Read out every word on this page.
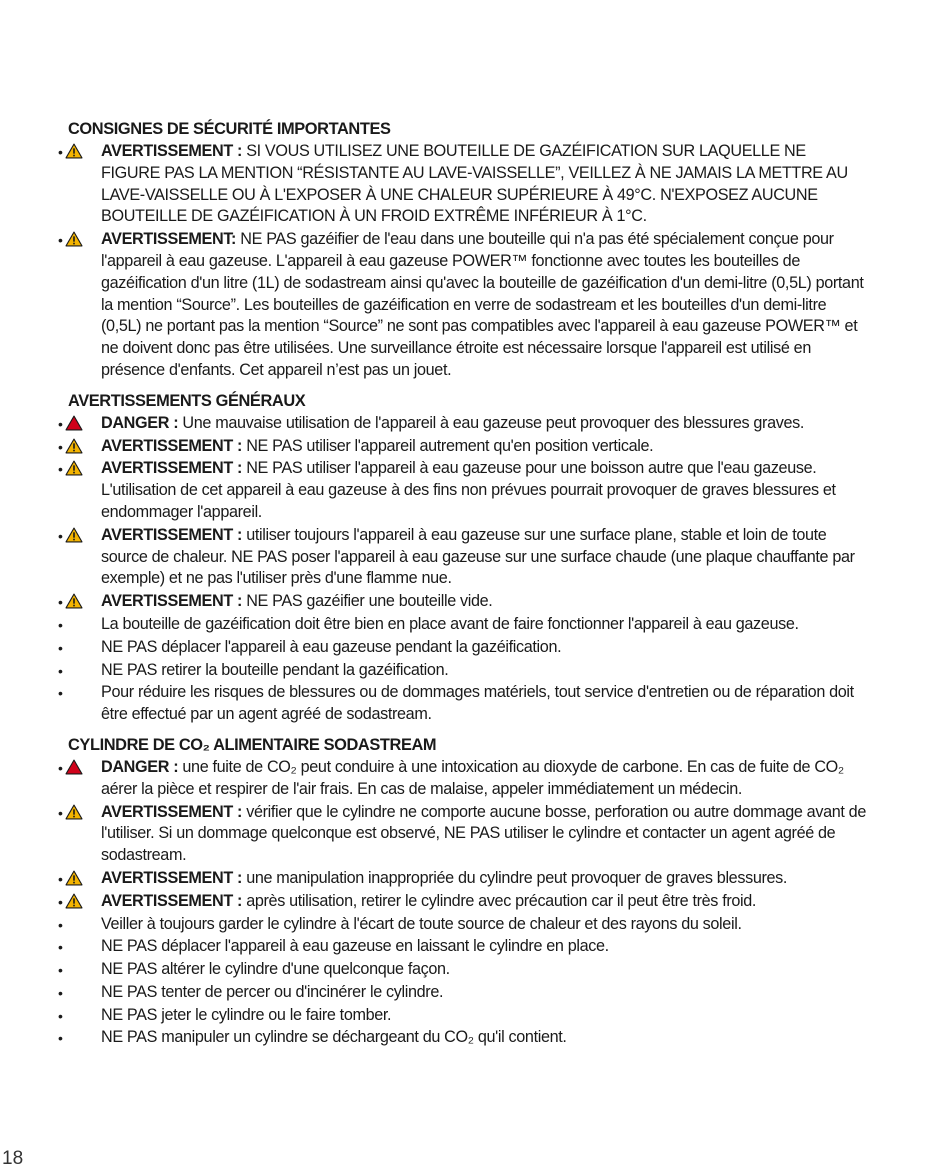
CONSIGNES DE SÉCURITÉ IMPORTANTES
• AVERTISSEMENT : SI VOUS UTILISEZ UNE BOUTEILLE DE GAZÉIFICATION SUR LAQUELLE NE FIGURE PAS LA MENTION “RÉSISTANTE AU LAVE-VAISSELLE”, VEILLEZ À NE JAMAIS LA METTRE AU LAVE-VAISSELLE OU À L'EXPOSER À UNE CHALEUR SUPÉRIEURE À 49°C. N'EXPOSEZ AUCUNE BOUTEILLE DE GAZÉIFICATION À UN FROID EXTRÊME INFÉRIEUR À 1°C.
• AVERTISSEMENT: NE PAS gazéifier de l'eau dans une bouteille qui n'a pas été spécialement conçue pour l'appareil à eau gazeuse. L'appareil à eau gazeuse POWER™ fonctionne avec toutes les bouteilles de gazéification d'un litre (1L) de sodastream ainsi qu'avec la bouteille de gazéification d'un demi-litre (0,5L) portant la mention “Source”. Les bouteilles de gazéification en verre de sodastream et les bouteilles d'un demi-litre (0,5L) ne portant pas la mention “Source” ne sont pas compatibles avec l'appareil à eau gazeuse POWER™ et ne doivent donc pas être utilisées. Une surveillance étroite est nécessaire lorsque l'appareil est utilisé en présence d'enfants. Cet appareil n’est pas un jouet.
AVERTISSEMENTS GÉNÉRAUX
• DANGER : Une mauvaise utilisation de l'appareil à eau gazeuse peut provoquer des blessures graves.
• AVERTISSEMENT : NE PAS utiliser l'appareil autrement qu'en position verticale.
• AVERTISSEMENT : NE PAS utiliser l'appareil à eau gazeuse pour une boisson autre que l'eau gazeuse. L'utilisation de cet appareil à eau gazeuse à des fins non prévues pourrait provoquer de graves blessures et endommager l'appareil.
• AVERTISSEMENT : utiliser toujours l'appareil à eau gazeuse sur une surface plane, stable et loin de toute source de chaleur. NE PAS poser l'appareil à eau gazeuse sur une surface chaude (une plaque chauffante par exemple) et ne pas l'utiliser près d'une flamme nue.
• AVERTISSEMENT : NE PAS gazéifier une bouteille vide.
• La bouteille de gazéification doit être bien en place avant de faire fonctionner l'appareil à eau gazeuse.
• NE PAS déplacer l'appareil à eau gazeuse pendant la gazéification.
• NE PAS retirer la bouteille pendant la gazéification.
• Pour réduire les risques de blessures ou de dommages matériels, tout service d'entretien ou de réparation doit être effectué par un agent agréé de sodastream.
CYLINDRE DE CO₂ ALIMENTAIRE SODASTREAM
• DANGER : une fuite de CO₂ peut conduire à une intoxication au dioxyde de carbone. En cas de fuite de CO₂ aérer la pièce et respirer de l'air frais. En cas de malaise, appeler immédiatement un médecin.
• AVERTISSEMENT : vérifier que le cylindre ne comporte aucune bosse, perforation ou autre dommage avant de l'utiliser. Si un dommage quelconque est observé, NE PAS utiliser le cylindre et contacter un agent agréé de sodastream.
• AVERTISSEMENT : une manipulation inappropriée du cylindre peut provoquer de graves blessures.
• AVERTISSEMENT : après utilisation, retirer le cylindre avec précaution car il peut être très froid.
• Veiller à toujours garder le cylindre à l'écart de toute source de chaleur et des rayons du soleil.
• NE PAS déplacer l'appareil à eau gazeuse en laissant le cylindre en place.
• NE PAS altérer le cylindre d'une quelconque façon.
• NE PAS tenter de percer ou d'incinérer le cylindre.
• NE PAS jeter le cylindre ou le faire tomber.
• NE PAS manipuler un cylindre se déchargeant du CO₂ qu'il contient.
18
